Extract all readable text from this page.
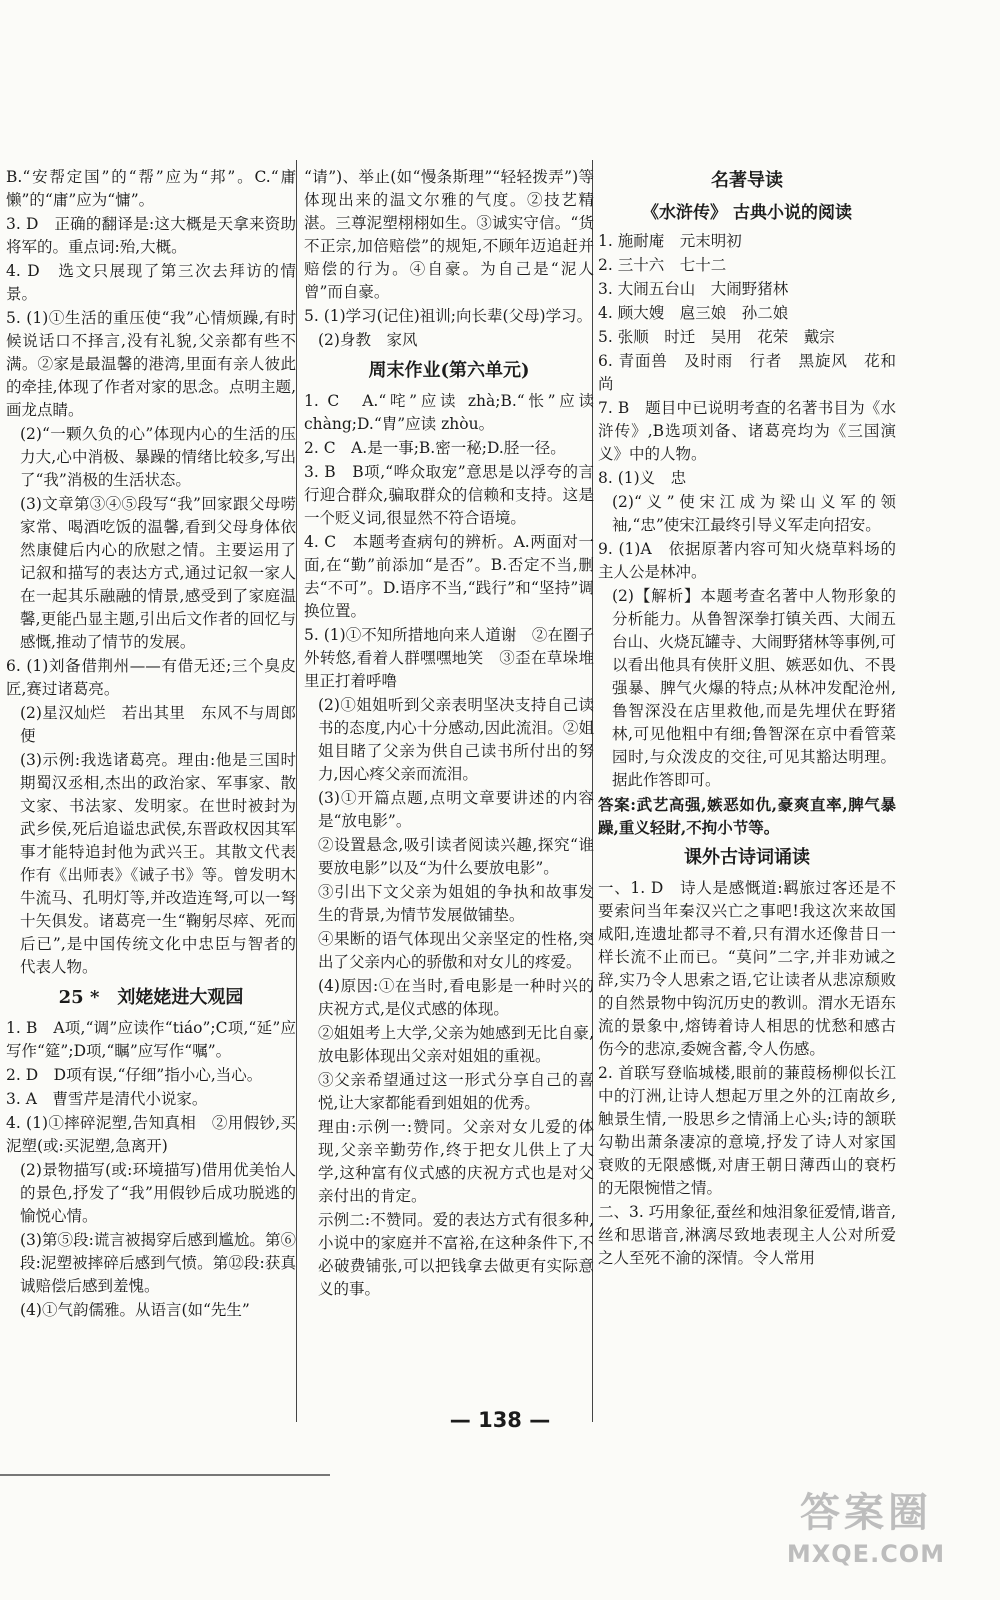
B.“安帮定国”的“帮”应为“邦”。C.“庸懒”的“庸”应为“慵”。

3. D　正确的翻译是:这大概是天拿来资助将军的。重点词:殆,大概。

4. D　选文只展现了第三次去拜访的情景。

5. (1)①生活的重压使“我”心情烦躁,有时候说话口不择言,没有礼貌,父亲都有些不满。②家是最温馨的港湾,里面有亲人彼此的牵挂,体现了作者对家的思念。点明主题,画龙点睛。

(2)“一颗久负的心”体现内心的生活的压力大,心中消极、暴躁的情绪比较多,写出了“我”消极的生活状态。

(3)文章第③④⑤段写“我”回家跟父母唠家常、喝酒吃饭的温馨,看到父母身体依然康健后内心的欣慰之情。主要运用了记叙和描写的表达方式,通过记叙一家人在一起其乐融融的情景,感受到了家庭温馨,更能凸显主题,引出后文作者的回忆与感慨,推动了情节的发展。

6. (1)刘备借荆州——有借无还;三个臭皮匠,赛过诸葛亮。

(2)星汉灿烂　若出其里　东风不与周郎便

(3)示例:我选诸葛亮。理由:他是三国时期蜀汉丞相,杰出的政治家、军事家、散文家、书法家、发明家。在世时被封为武乡侯,死后追谥忠武侯,东晋政权因其军事才能特追封他为武兴王。其散文代表作有《出师表》《诫子书》等。曾发明木牛流马、孔明灯等,并改造连弩,可以一弩十矢俱发。诸葛亮一生“鞠躬尽瘁、死而后已”,是中国传统文化中忠臣与智者的代表人物。

25 *　刘姥姥进大观园

1. B　A项,“调”应读作“tiáo”;C项,“延”应写作“筵”;D项,“瞩”应写作“嘱”。

2. D　D项有误,“仔细”指小心,当心。

3. A　曹雪芹是清代小说家。

4. (1)①摔碎泥塑,告知真相　②用假钞,买泥塑(或:买泥塑,急离开)

(2)景物描写(或:环境描写)借用优美怡人的景色,抒发了“我”用假钞后成功脱逃的愉悦心情。

(3)第⑤段:谎言被揭穿后感到尴尬。第⑥段:泥塑被摔碎后感到气愤。第⑫段:获真诚赔偿后感到羞愧。

(4)①气韵儒雅。从语言(如“先生”

“请”)、举止(如“慢条斯理”“轻轻拨弄”)等体现出来的温文尔雅的气度。②技艺精湛。三尊泥塑栩栩如生。③诚实守信。“货不正宗,加倍赔偿”的规矩,不顾年迈追赶并赔偿的行为。④自豪。为自己是“泥人曾”而自豪。

5. (1)学习(记住)祖训;向长辈(父母)学习。

(2)身教　家风

周末作业(第六单元)

1. C　A.“咤”应读 zhà;B.“怅”应读 chàng;D.“胄”应读 zhòu。

2. C　A.是一事;B.密一秘;D.胫一径。

3. B　B项,“哗众取宠”意思是以浮夸的言行迎合群众,骗取群众的信赖和支持。这是一个贬义词,很显然不符合语境。

4. C　本题考查病句的辨析。A.两面对一面,在“勤”前添加“是否”。B.否定不当,删去“不可”。D.语序不当,“践行”和“坚持”调换位置。

5. (1)①不知所措地向来人道谢　②在圈子外转悠,看着人群嘿嘿地笑　③歪在草垛堆里正打着呼噜

(2)①姐姐听到父亲表明坚决支持自己读书的态度,内心十分感动,因此流泪。②姐姐目睹了父亲为供自己读书所付出的努力,因心疼父亲而流泪。

(3)①开篇点题,点明文章要讲述的内容是“放电影”。

②设置悬念,吸引读者阅读兴趣,探究“谁要放电影”以及“为什么要放电影”。

③引出下文父亲为姐姐的争执和故事发生的背景,为情节发展做铺垫。

④果断的语气体现出父亲坚定的性格,突出了父亲内心的骄傲和对女儿的疼爱。

(4)原因:①在当时,看电影是一种时兴的庆祝方式,是仪式感的体现。

②姐姐考上大学,父亲为她感到无比自豪,放电影体现出父亲对姐姐的重视。

③父亲希望通过这一形式分享自己的喜悦,让大家都能看到姐姐的优秀。

理由:示例一:赞同。父亲对女儿爱的体现,父亲辛勤劳作,终于把女儿供上了大学,这种富有仪式感的庆祝方式也是对父亲付出的肯定。

示例二:不赞同。爱的表达方式有很多种,小说中的家庭并不富裕,在这种条件下,不必破费铺张,可以把钱拿去做更有实际意义的事。

名著导读
《水浒传》 古典小说的阅读

1. 施耐庵　元末明初

2. 三十六　七十二

3. 大闹五台山　大闹野猪林

4. 顾大嫂　扈三娘　孙二娘

5. 张顺　时迁　吴用　花荣　戴宗

6. 青面兽　及时雨　行者　黑旋风　花和尚

7. B　题目中已说明考查的名著书目为《水浒传》,B选项刘备、诸葛亮均为《三国演义》中的人物。

8. (1)义　忠

(2)“义”使宋江成为梁山义军的领袖,“忠”使宋江最终引导义军走向招安。

9. (1)A　依据原著内容可知火烧草料场的主人公是林冲。

(2)【解析】本题考查名著中人物形象的分析能力。从鲁智深拳打镇关西、大闹五台山、火烧瓦罐寺、大闹野猪林等事例,可以看出他具有侠肝义胆、嫉恶如仇、不畏强暴、脾气火爆的特点;从林冲发配沧州,鲁智深没在店里救他,而是先埋伏在野猪林,可见他粗中有细;鲁智深在京中看管菜园时,与众泼皮的交往,可见其豁达明理。据此作答即可。

答案:武艺高强,嫉恶如仇,豪爽直率,脾气暴躁,重义轻財,不拘小节等。

课外古诗词诵读

一、1. D　诗人是感慨道:羁旅过客还是不要索问当年秦汉兴亡之事吧!我这次来故国咸阳,连遗址都寻不着,只有渭水还像昔日一样长流不止而已。“莫问”二字,并非劝诫之辞,实乃令人思索之语,它让读者从悲凉颓败的自然景物中钩沉历史的教训。渭水无语东流的景象中,熔铸着诗人相思的忧愁和感古伤今的悲凉,委婉含蓄,令人伤感。

2. 首联写登临城楼,眼前的蒹葭杨柳似长江中的汀洲,让诗人想起万里之外的江南故乡,触景生情,一股思乡之情涌上心头;诗的颔联勾勒出萧条凄凉的意境,抒发了诗人对家国衰败的无限感慨,对唐王朝日薄西山的衰朽的无限惋惜之情。

二、3. 巧用象征,蚕丝和烛泪象征爱情,谐音,丝和思谐音,淋漓尽致地表现主人公对所爱之人至死不渝的深情。令人常用

— 138 —
答案圈
MXQE.COM
